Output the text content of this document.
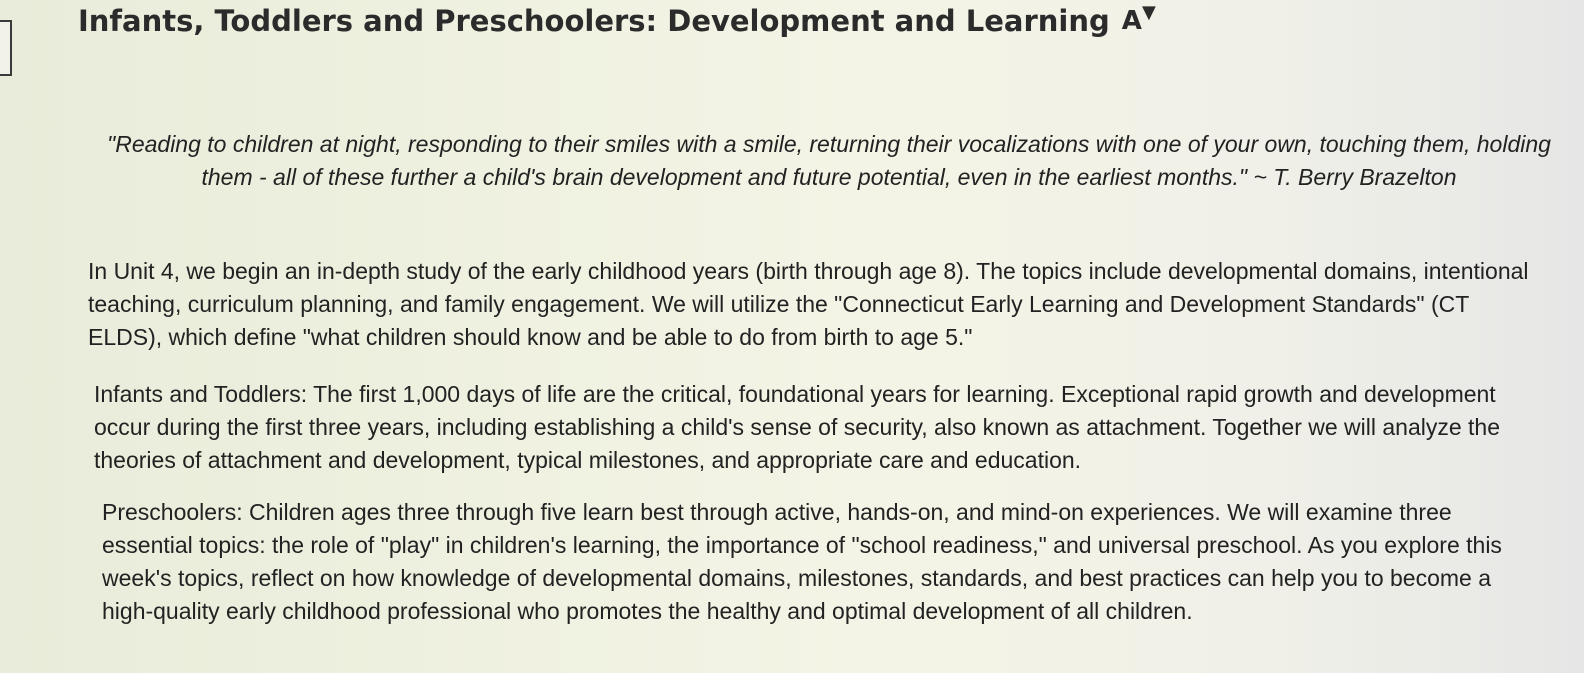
Infants, Toddlers and Preschoolers: Development and Learning A ▼

"Reading to children at night, responding to their smiles with a smile, returning their vocalizations with one of your own, touching them, holding them - all of these further a child's brain development and future potential, even in the earliest months." ~ T. Berry Brazelton

In Unit 4, we begin an in-depth study of the early childhood years (birth through age 8). The topics include developmental domains, intentional teaching, curriculum planning, and family engagement. We will utilize the "Connecticut Early Learning and Development Standards" (CT ELDS), which define "what children should know and be able to do from birth to age 5."

Infants and Toddlers: The first 1,000 days of life are the critical, foundational years for learning. Exceptional rapid growth and development occur during the first three years, including establishing a child's sense of security, also known as attachment. Together we will analyze the theories of attachment and development, typical milestones, and appropriate care and education.

Preschoolers: Children ages three through five learn best through active, hands-on, and mind-on experiences. We will examine three essential topics: the role of "play" in children's learning, the importance of "school readiness," and universal preschool. As you explore this week's topics, reflect on how knowledge of developmental domains, milestones, standards, and best practices can help you to become a high-quality early childhood professional who promotes the healthy and optimal development of all children.
